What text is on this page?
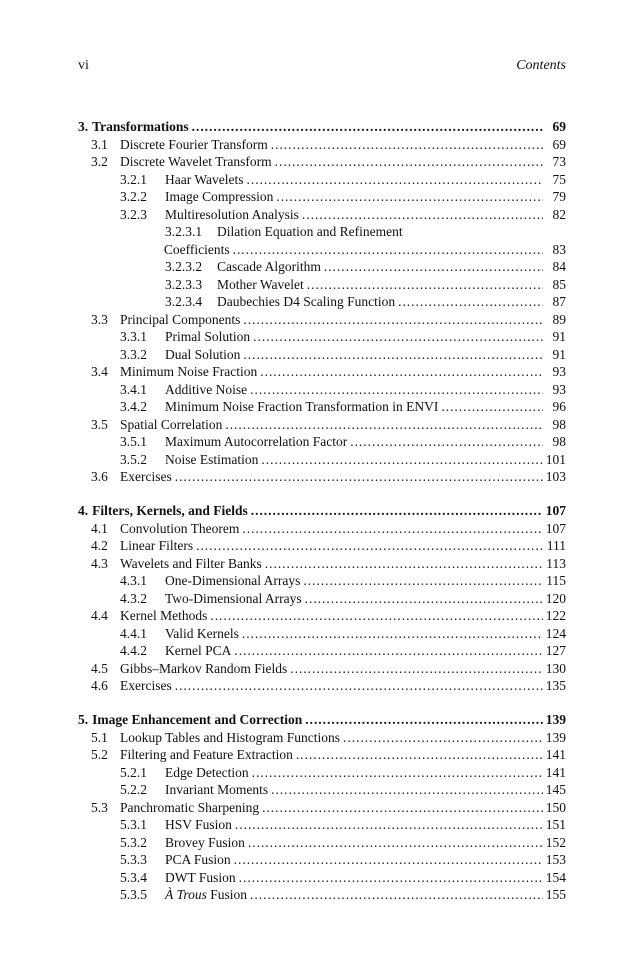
vi	Contents
3. Transformations . . .	69
3.1 Discrete Fourier Transform . . .	69
3.2 Discrete Wavelet Transform . . .	73
3.2.1	Haar Wavelets . . .	75
3.2.2	Image Compression . . .	79
3.2.3	Multiresolution Analysis . . .	82
3.2.3.1	Dilation Equation and Refinement
Coefficients . . .	83
3.2.3.2	Cascade Algorithm . . .	84
3.2.3.3	Mother Wavelet . . .	85
3.2.3.4	Daubechies D4 Scaling Function . . .	87
3.3 Principal Components . . .	89
3.3.1	Primal Solution . . .	91
3.3.2	Dual Solution . . .	91
3.4 Minimum Noise Fraction . . .	93
3.4.1	Additive Noise . . .	93
3.4.2	Minimum Noise Fraction Transformation in ENVI . . .	96
3.5 Spatial Correlation . . .	98
3.5.1	Maximum Autocorrelation Factor . . .	98
3.5.2	Noise Estimation . . .	101
3.6 Exercises . . .	103
4. Filters, Kernels, and Fields . . .	107
4.1 Convolution Theorem . . .	107
4.2 Linear Filters . . .	111
4.3 Wavelets and Filter Banks . . .	113
4.3.1	One-Dimensional Arrays . . .	115
4.3.2	Two-Dimensional Arrays . . .	120
4.4 Kernel Methods . . .	122
4.4.1	Valid Kernels . . .	124
4.4.2	Kernel PCA . . .	127
4.5 Gibbs–Markov Random Fields . . .	130
4.6 Exercises . . .	135
5. Image Enhancement and Correction . . .	139
5.1 Lookup Tables and Histogram Functions . . .	139
5.2 Filtering and Feature Extraction . . .	141
5.2.1	Edge Detection . . .	141
5.2.2	Invariant Moments . . .	145
5.3 Panchromatic Sharpening . . .	150
5.3.1	HSV Fusion . . .	151
5.3.2	Brovey Fusion . . .	152
5.3.3	PCA Fusion . . .	153
5.3.4	DWT Fusion . . .	154
5.3.5	À Trous Fusion . . .	155
